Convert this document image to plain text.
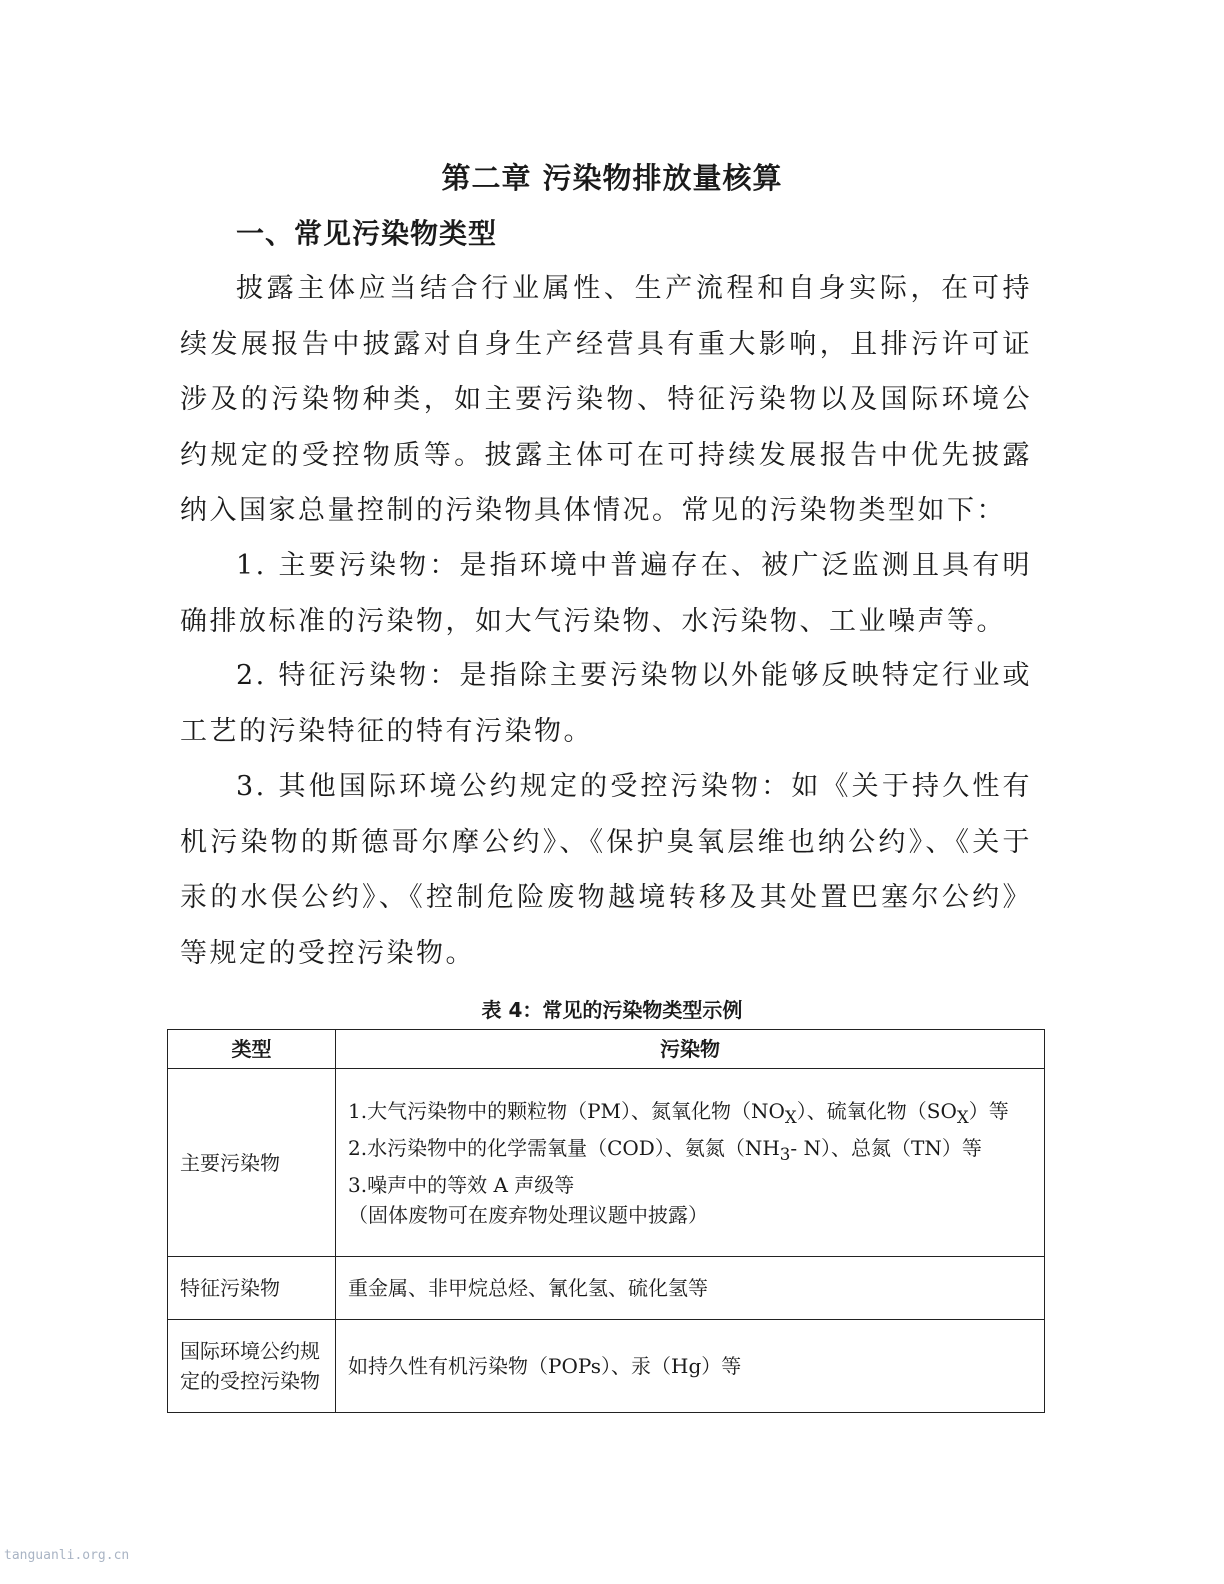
第二章 污染物排放量核算
一、常见污染物类型

披露主体应当结合行业属性、生产流程和自身实际，在可持续发展报告中披露对自身生产经营具有重大影响，且排污许可证涉及的污染物种类，如主要污染物、特征污染物以及国际环境公约规定的受控物质等。披露主体可在可持续发展报告中优先披露纳入国家总量控制的污染物具体情况。常见的污染物类型如下：

1. 主要污染物：是指环境中普遍存在、被广泛监测且具有明确排放标准的污染物，如大气污染物、水污染物、工业噪声等。

2. 特征污染物：是指除主要污染物以外能够反映特定行业或工艺的污染特征的特有污染物。

3. 其他国际环境公约规定的受控污染物：如《关于持久性有机污染物的斯德哥尔摩公约》、《保护臭氧层维也纳公约》、《关于汞的水俣公约》、《控制危险废物越境转移及其处置巴塞尔公约》等规定的受控污染物。

表 4：常见的污染物类型示例

类型	污染物
主要污染物	1.大气污染物中的颗粒物（PM）、氮氧化物$(NO_X)$、硫氧化物$(SO_X)$等
2.水污染物中的化学需氧量（COD）、氨氮（$NH_3-$ N）、总氮（TN）等
3.噪声中的等效 A 声级等
（固体废物可在废弃物处理议题中披露）

特征污染物	重金属、非甲烷总烃、氰化氢、硫化氢等
国际环境公约规定的受控污染物	如持久性有机污染物（POPs）、汞（Hg）等

tanguanli.org.cn
